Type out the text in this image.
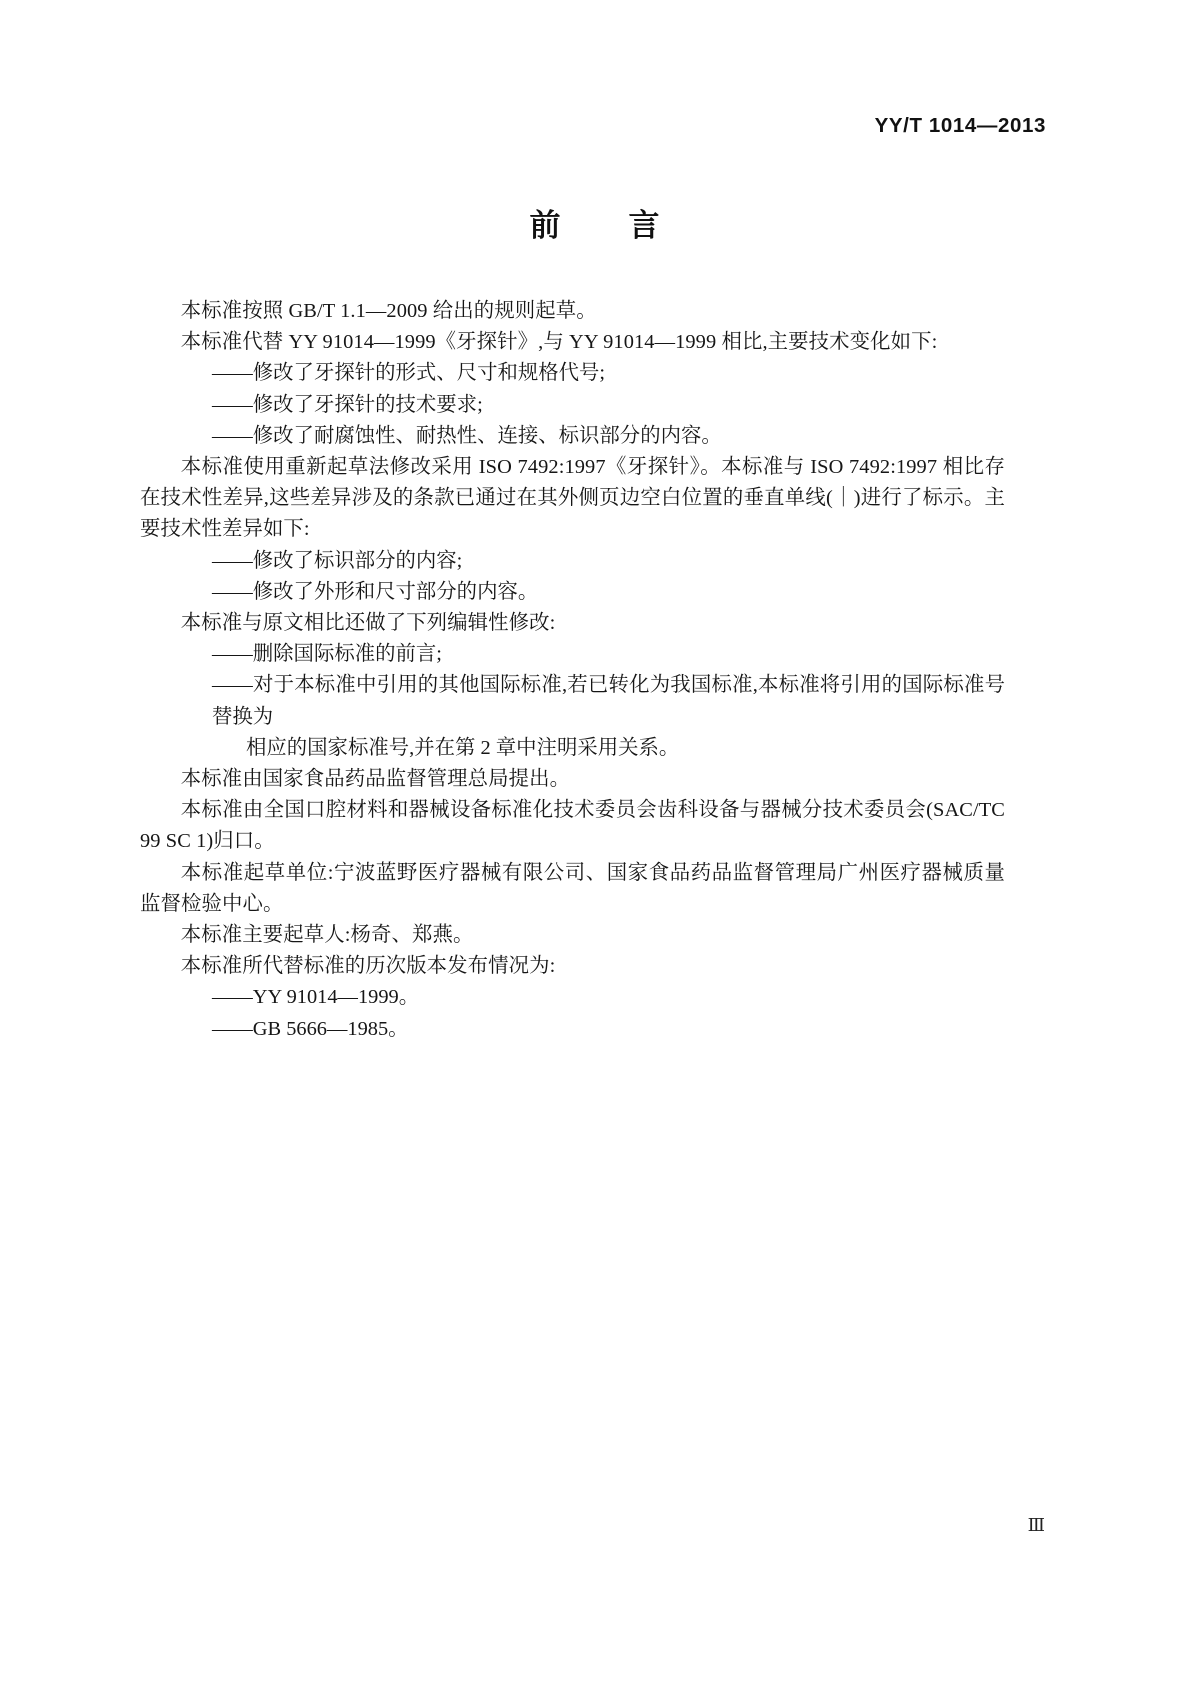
YY/T 1014—2013
前　　言

本标准按照 GB/T 1.1—2009 给出的规则起草。

本标准代替 YY 91014—1999《牙探针》,与 YY 91014—1999 相比,主要技术变化如下:

——修改了牙探针的形式、尺寸和规格代号;

——修改了牙探针的技术要求;

——修改了耐腐蚀性、耐热性、连接、标识部分的内容。

本标准使用重新起草法修改采用 ISO 7492:1997《牙探针》。本标准与 ISO 7492:1997 相比存在技术性差异,这些差异涉及的条款已通过在其外侧页边空白位置的垂直单线(｜)进行了标示。主要技术性差异如下:

——修改了标识部分的内容;

——修改了外形和尺寸部分的内容。

本标准与原文相比还做了下列编辑性修改:

——删除国际标准的前言;

——对于本标准中引用的其他国际标准,若已转化为我国标准,本标准将引用的国际标准号替换为
相应的国家标准号,并在第 2 章中注明采用关系。

本标准由国家食品药品监督管理总局提出。

本标准由全国口腔材料和器械设备标准化技术委员会齿科设备与器械分技术委员会(SAC/TC 99 SC 1)归口。

本标准起草单位:宁波蓝野医疗器械有限公司、国家食品药品监督管理局广州医疗器械质量监督检验中心。

本标准主要起草人:杨奇、郑燕。

本标准所代替标准的历次版本发布情况为:

——YY 91014—1999。

——GB 5666—1985。

Ⅲ
